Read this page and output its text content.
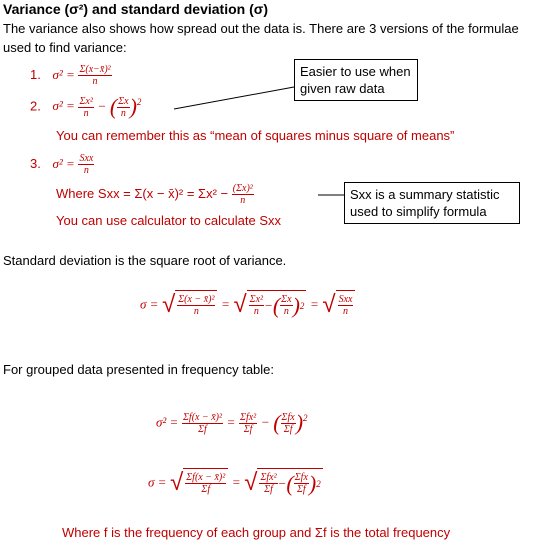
Variance (σ²) and standard deviation (σ)
The variance also shows how spread out the data is. There are 3 versions of the formulae
used to find variance:
1. $\sigma^2 = \frac{\text{Σ(x−x̄)²}}{n}$
2. $\sigma^2 = \frac{\text{Σx²}}{n}$ − ( $\frac{\Sigma x}{n} )^2$
Easier to use when
given raw data
You can remember this as “mean of squares minus square of means”
3. $\sigma^2 = \frac{\text{Sxx}}{n}$
Where Sxx = Σ(x − x̄)² = $\Sigma x^2 - \frac{\text{(Σx)²}}{n}$
You can use calculator to calculate Sxx
Sxx is a summary statistic
used to simplify formula
Standard deviation is the square root of variance.
σ = √ $\frac{\text{Σ(x − x̄)²}}{n}$ = √ $\frac{\text{Σx²}}{n}$ − ( $\frac{\Sigma x}{n}$ ) 2 = √ $\frac{\text{Sxx}}{n}$
For grouped data presented in frequency table:
$\sigma^2 = \frac{\text{Σf(x − x̄)²}}{\Sigma f} = \frac{\text{Σfx²}}{\Sigma f}$ − ( $\frac{\text{Σfx}}{\Sigma f} )^2$
σ = √ $\frac{\text{Σf(x − x̄)²}}{\Sigma f}$ = √ $\frac{\text{Σfx²}}{\Sigma f}$ − ( $\frac{\text{Σfx}}{\Sigma f}$ ) 2
Where f is the frequency of each group and Σf is the total frequency
